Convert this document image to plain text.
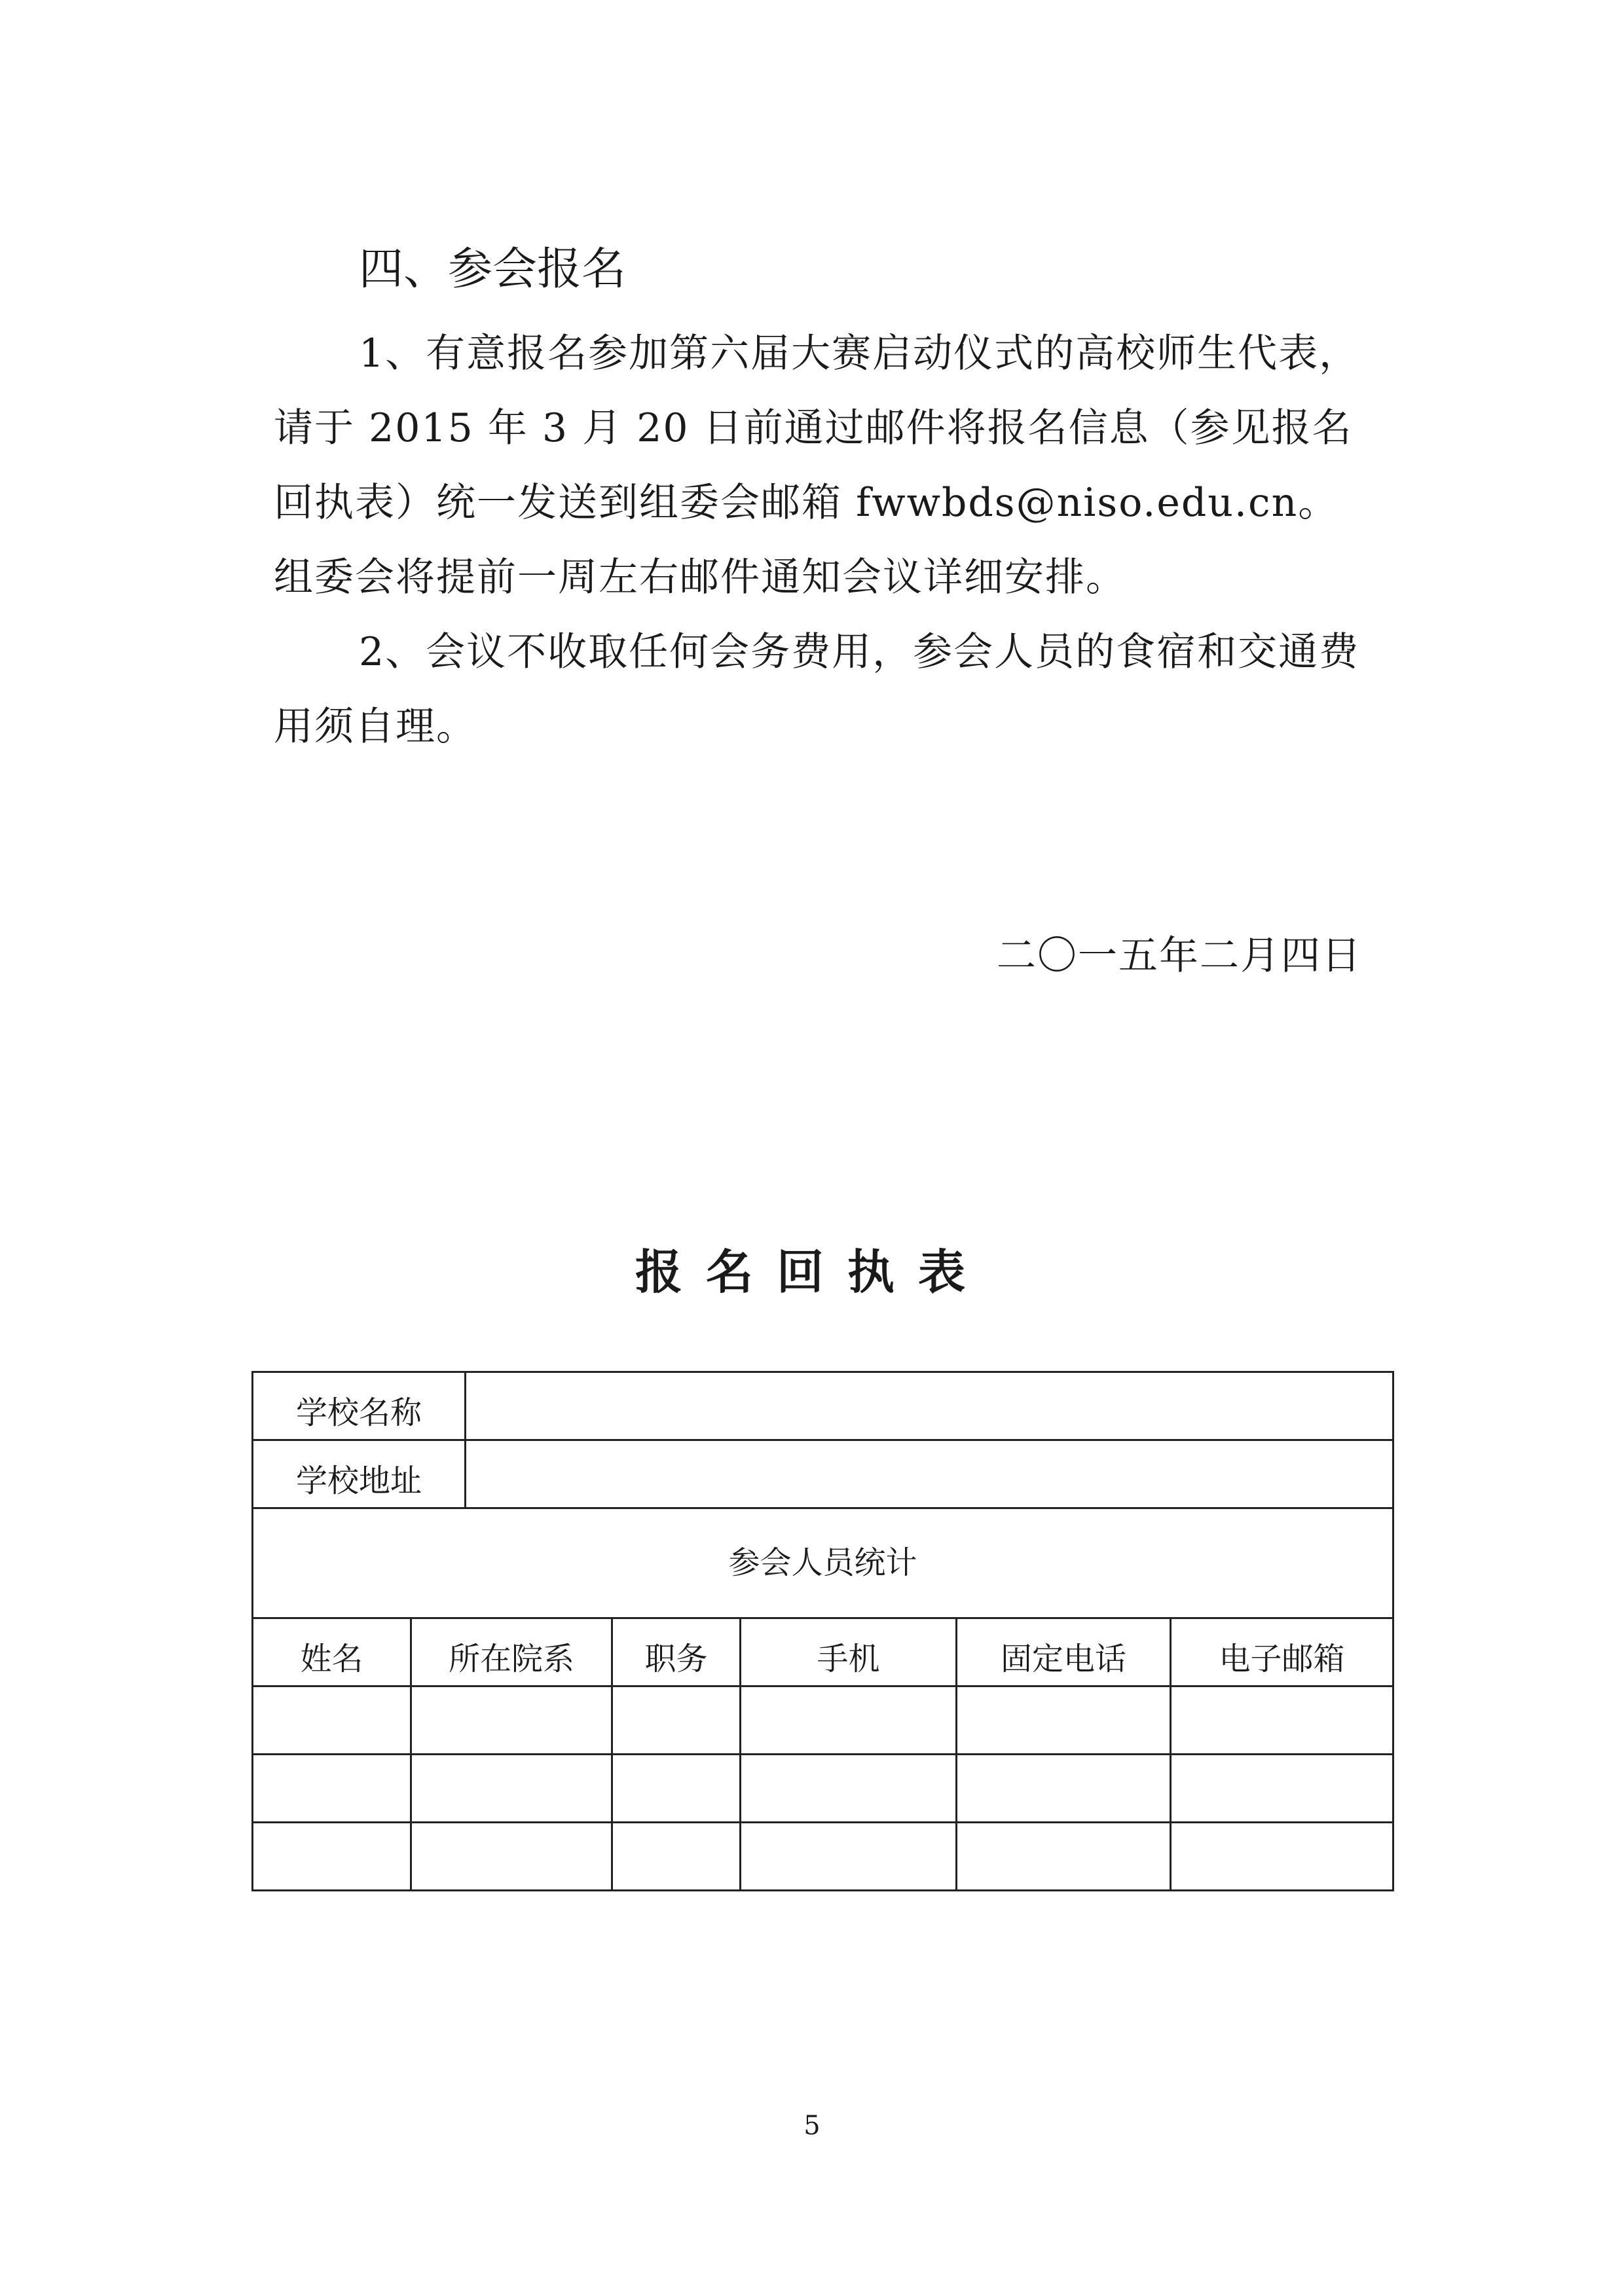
四、参会报名

1、有意报名参加第六届大赛启动仪式的高校师生代表，请于 2015 年 3 月 20 日前通过邮件将报名信息（参见报名回执表）统一发送到组委会邮箱 fwwbds@niso.edu.cn。组委会将提前一周左右邮件通知会议详细安排。

2、会议不收取任何会务费用，参会人员的食宿和交通费用须自理。

二〇一五年二月四日
报名回执表
学校名称						
学校地址						
参会人员统计						
姓名	所在院系		职务	手机	固定电话	电子邮箱

5
